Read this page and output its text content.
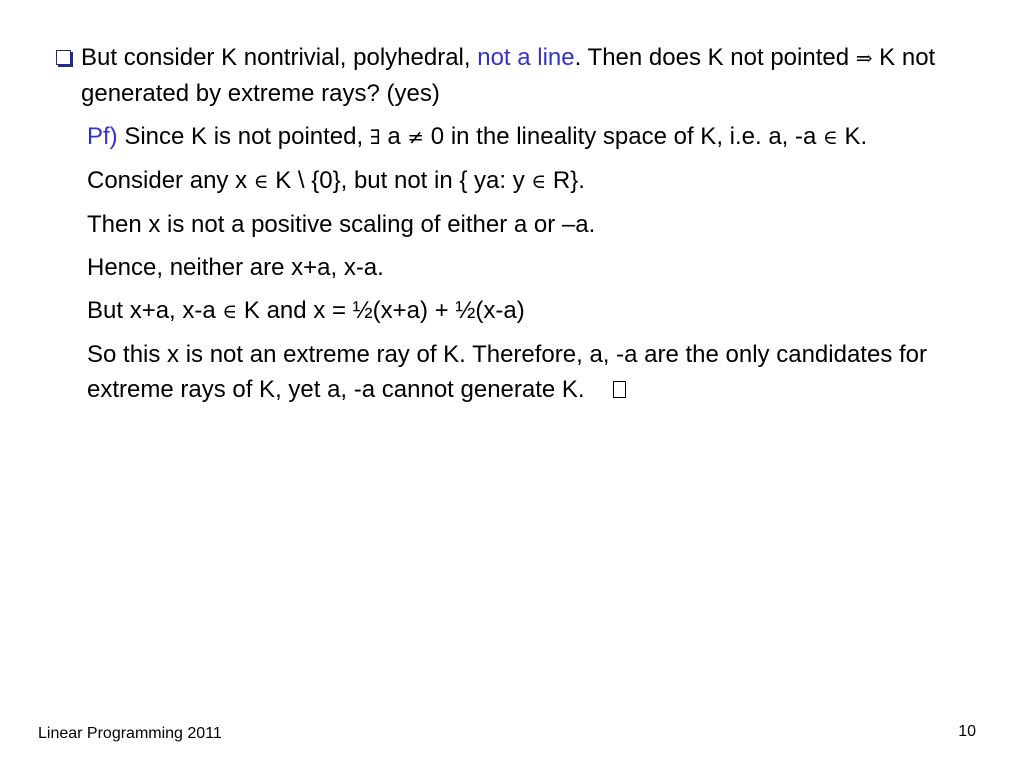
But consider K nontrivial, polyhedral, not a line. Then does K not pointed ⇒ K not generated by extreme rays? (yes)
Pf) Since K is not pointed, ∃ a ≠ 0 in the lineality space of K, i.e. a, -a ∈ K.
Consider any x ∈ K \ {0}, but not in { ya: y ∈ R}.
Then x is not a positive scaling of either a or –a.
Hence, neither are x+a, x-a.
But x+a, x-a ∈ K and x = ½(x+a) + ½(x-a)
So this x is not an extreme ray of K. Therefore, a, -a are the only candidates for extreme rays of K, yet a, -a cannot generate K.
Linear Programming 2011	10
